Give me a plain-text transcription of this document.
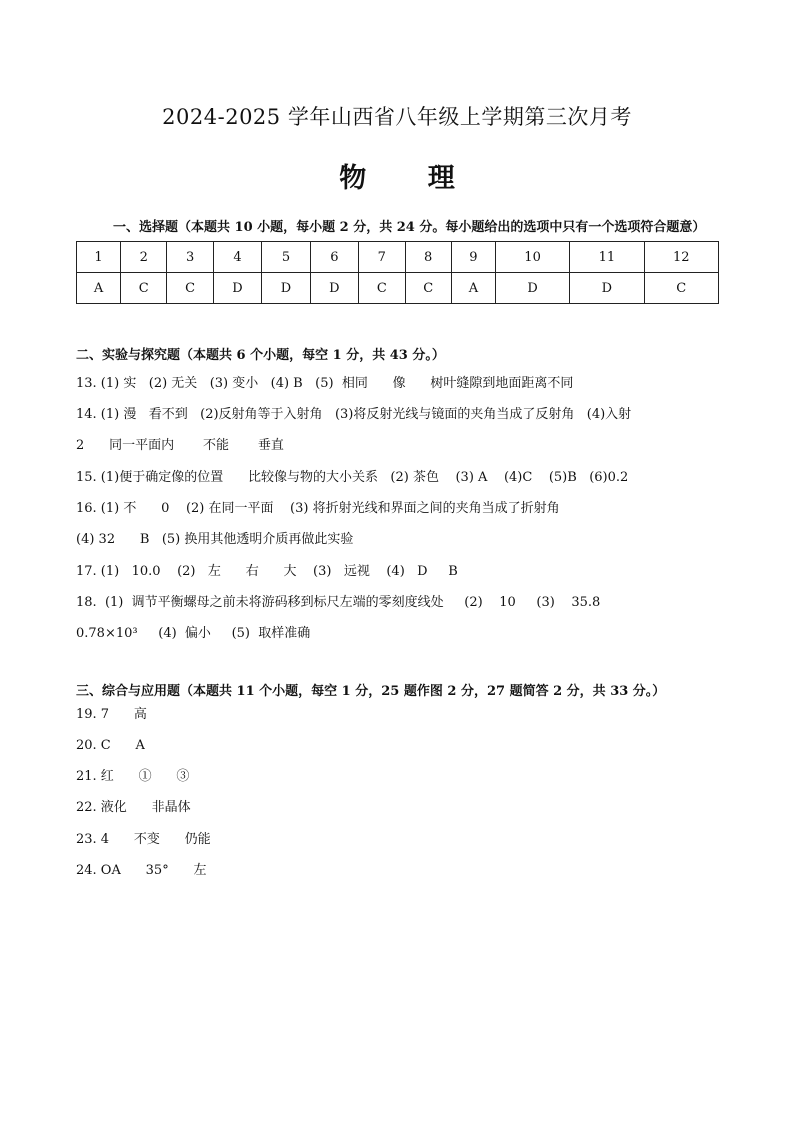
2024-2025 学年山西省八年级上学期第三次月考
物 理
一、选择题（本题共 10 小题，每小题 2 分，共 24 分。每小题给出的选项中只有一个选项符合题意）
1	2	3	4	5	6	7	8	9	10	11	12
A	C	C	D	D	D	C	C	A	D	D	C
二、实验与探究题（本题共 6 个小题，每空 1 分，共 43 分。）
13. (1) 实   (2) 无关   (3) 变小   (4) B   (5)  相同      像      树叶缝隙到地面距离不同
14. (1) 漫   看不到   (2)反射角等于入射角   (3)将反射光线与镜面的夹角当成了反射角   (4)入射
2      同一平面内       不能       垂直
15. (1)便于确定像的位置      比较像与物的大小关系   (2) 茶色    (3) A    (4)C    (5)B   (6)0.2
16. (1) 不      0    (2) 在同一平面    (3) 将折射光线和界面之间的夹角当成了折射角
(4) 32      B   (5) 换用其他透明介质再做此实验
17. (1)   10.0    (2)   左      右      大    (3)   远视    (4)   D     B
18.  (1)  调节平衡螺母之前未将游码移到标尺左端的零刻度线处     (2)    10     (3)    35.8
0.78×10³     (4)  偏小     (5)  取样准确
三、综合与应用题（本题共 11 个小题，每空 1 分，25 题作图 2 分，27 题简答 2 分，共 33 分。）
19. 7      高
20. C      A
21. 红      ①      ③
22. 液化      非晶体
23. 4      不变      仍能
24. OA      35°      左
